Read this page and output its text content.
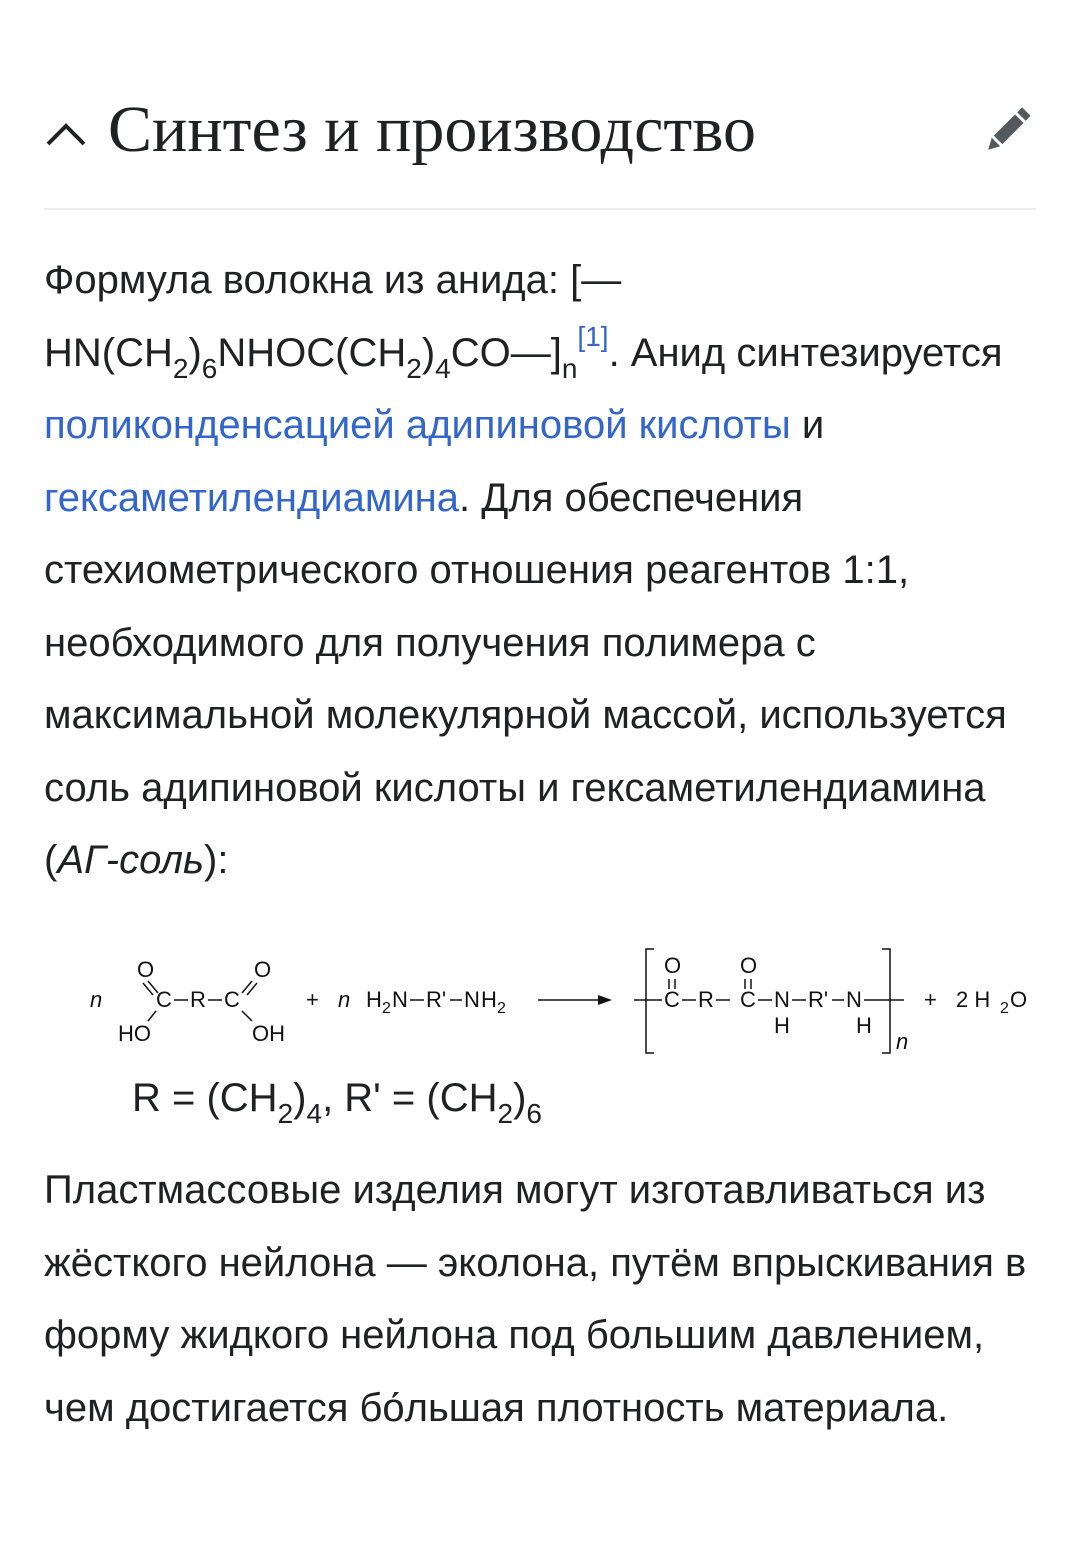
Синтез и производство

Формула волокна из анида: $[—HN(CH_2)_6NHOC(CH_2)_4CO—]_n[1]$. Анид синтезируется поликонденсацией адипиновой кислоты и гексаметилендиамина. Для обеспечения стехиометрического отношения реагентов 1:1, необходимого для получения полимера с максимальной молекулярной массой, используется соль адипиновой кислоты и гексаметилендиамина (АГ-соль):

n
O
C R C
O
HO	OH
+ n H 2 N R' N H 2	C
O
R C
O
N
H
R' N
H
n
+ 2 H 2 O

$R = (CH_2)_4$, $R' = (CH_2)_6$

Пластмассовые изделия могут изготавливаться из жёсткого нейлона — эколона, путём впрыскивания в форму жидкого нейлона под большим давлением, чем достигается бо́льшая плотность материала.
